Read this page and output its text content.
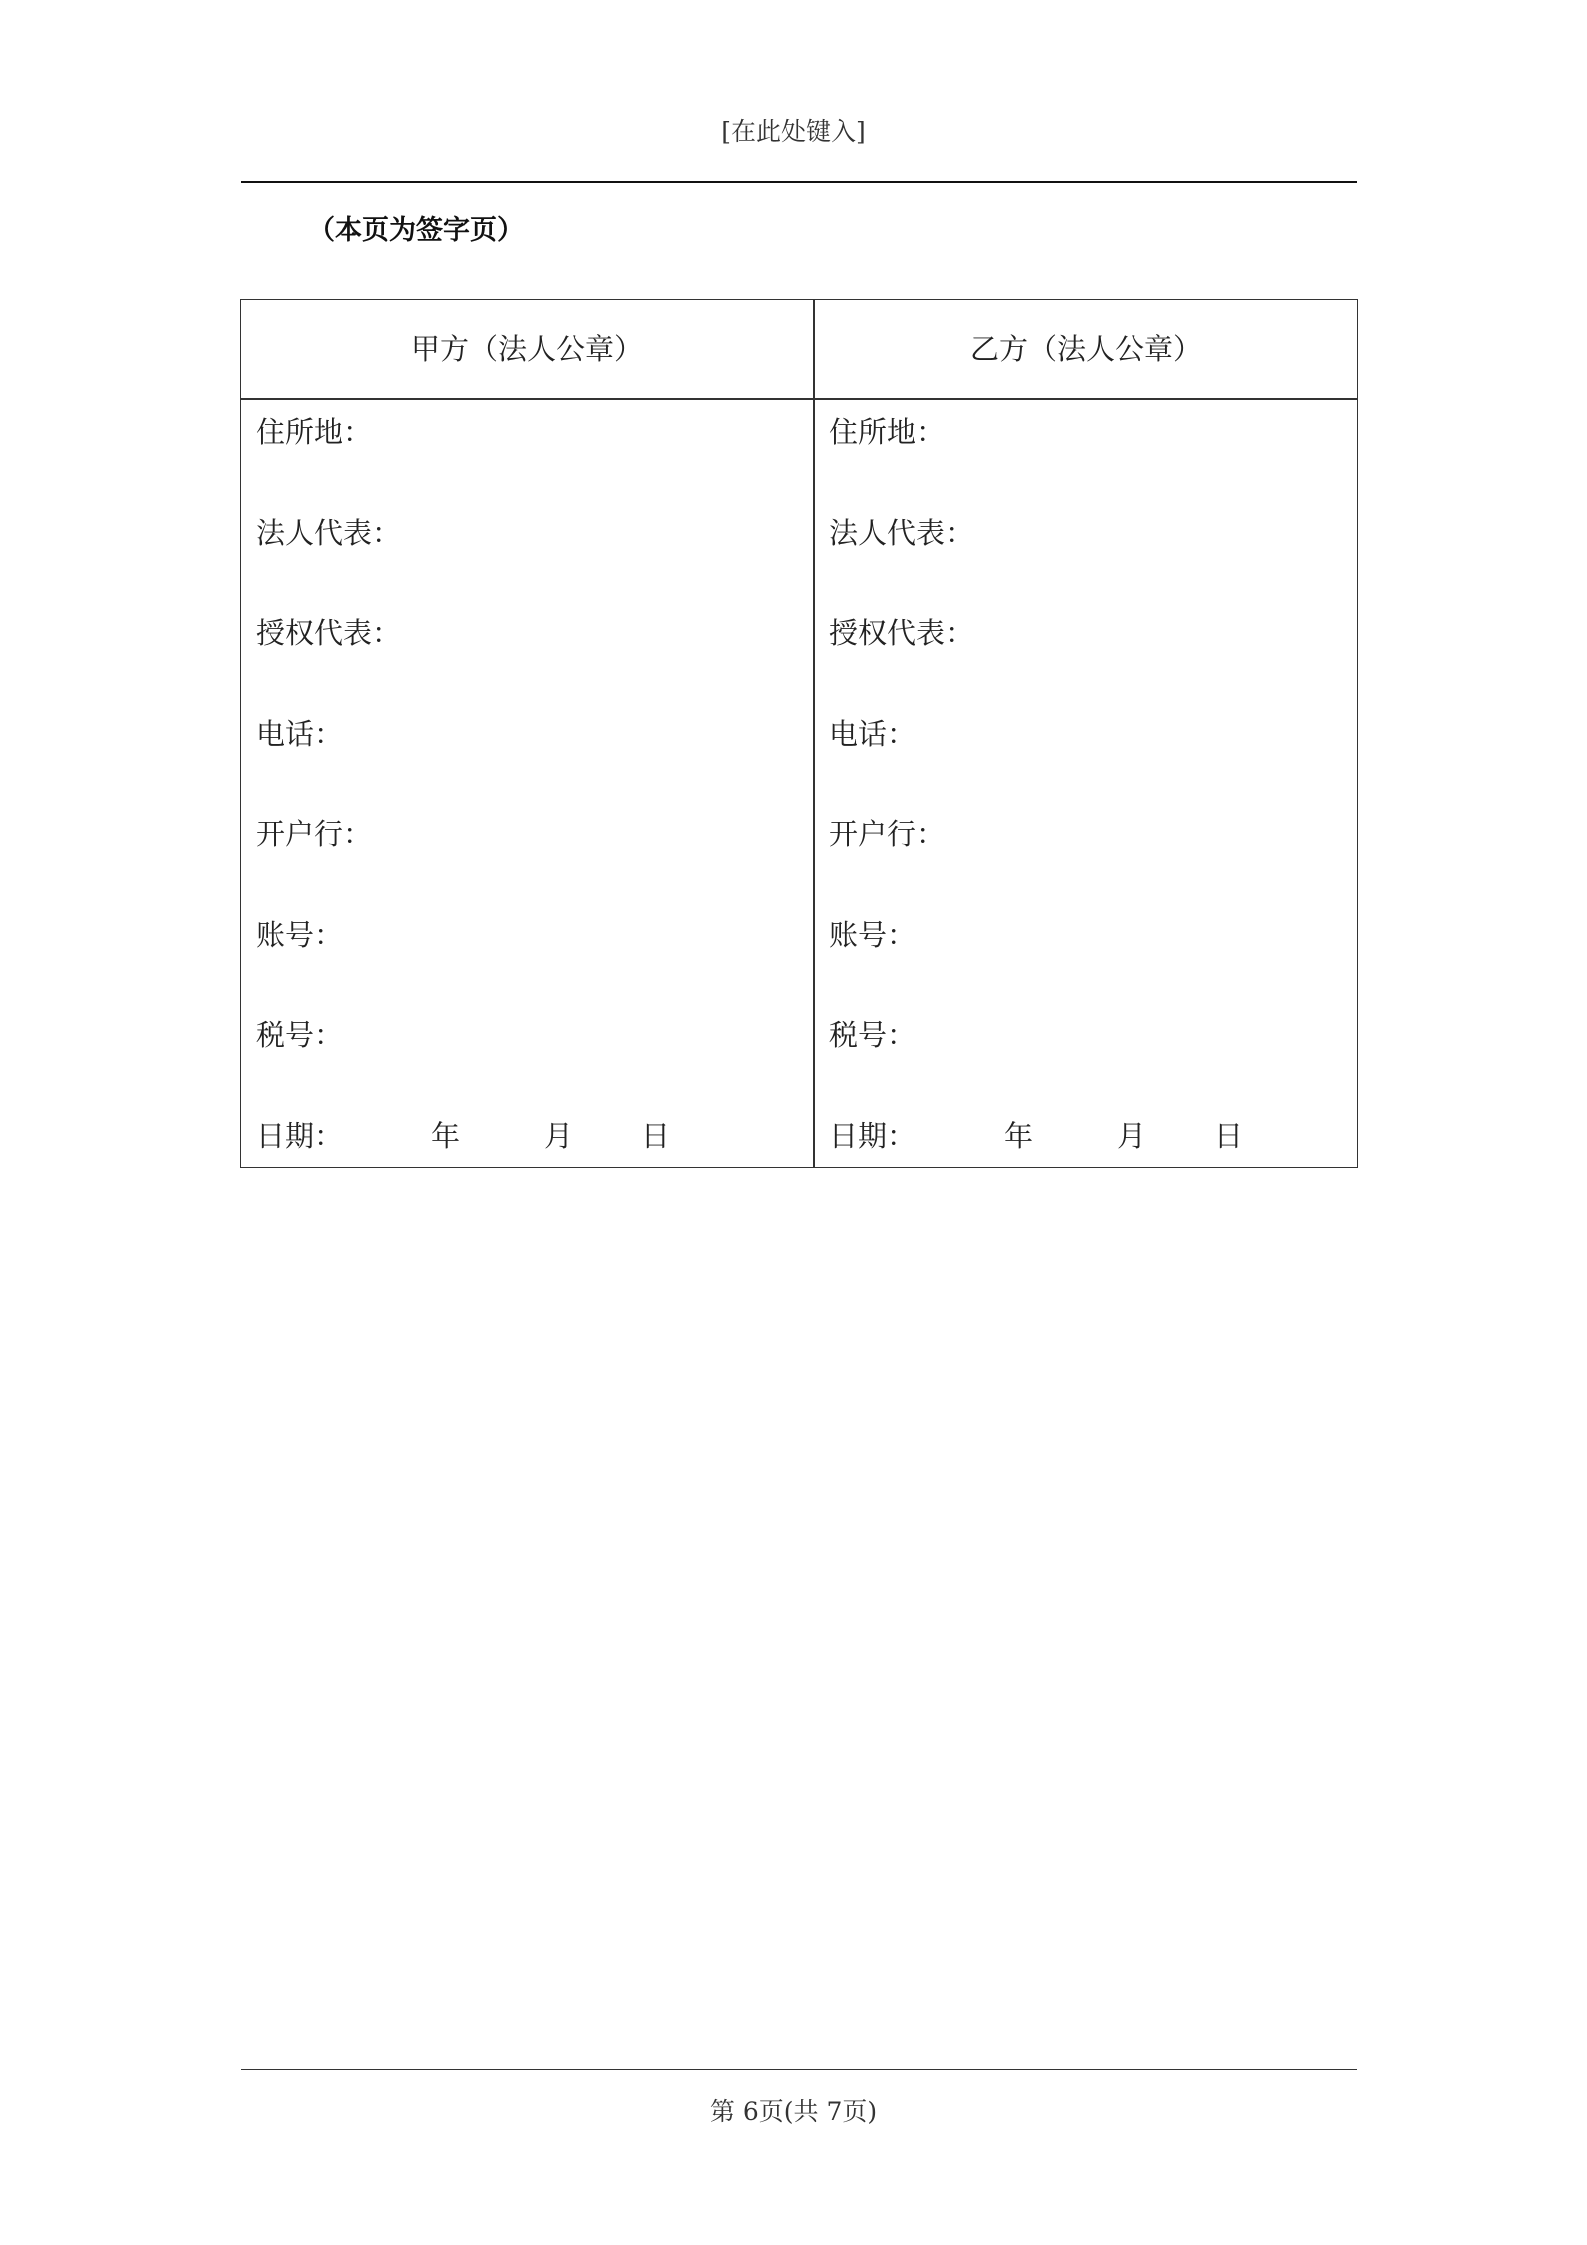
[在此处键入]
（本页为签字页）
甲方（法人公章）	乙方（法人公章）
住所地：
法人代表：
授权代表：
电话：
开户行：
账号：
税号：
日期：	年	月 日
住所地：
法人代表：
授权代表：
电话：
开户行：
账号：
税号：
日期：	年	月 日
第 6页(共 7页)
